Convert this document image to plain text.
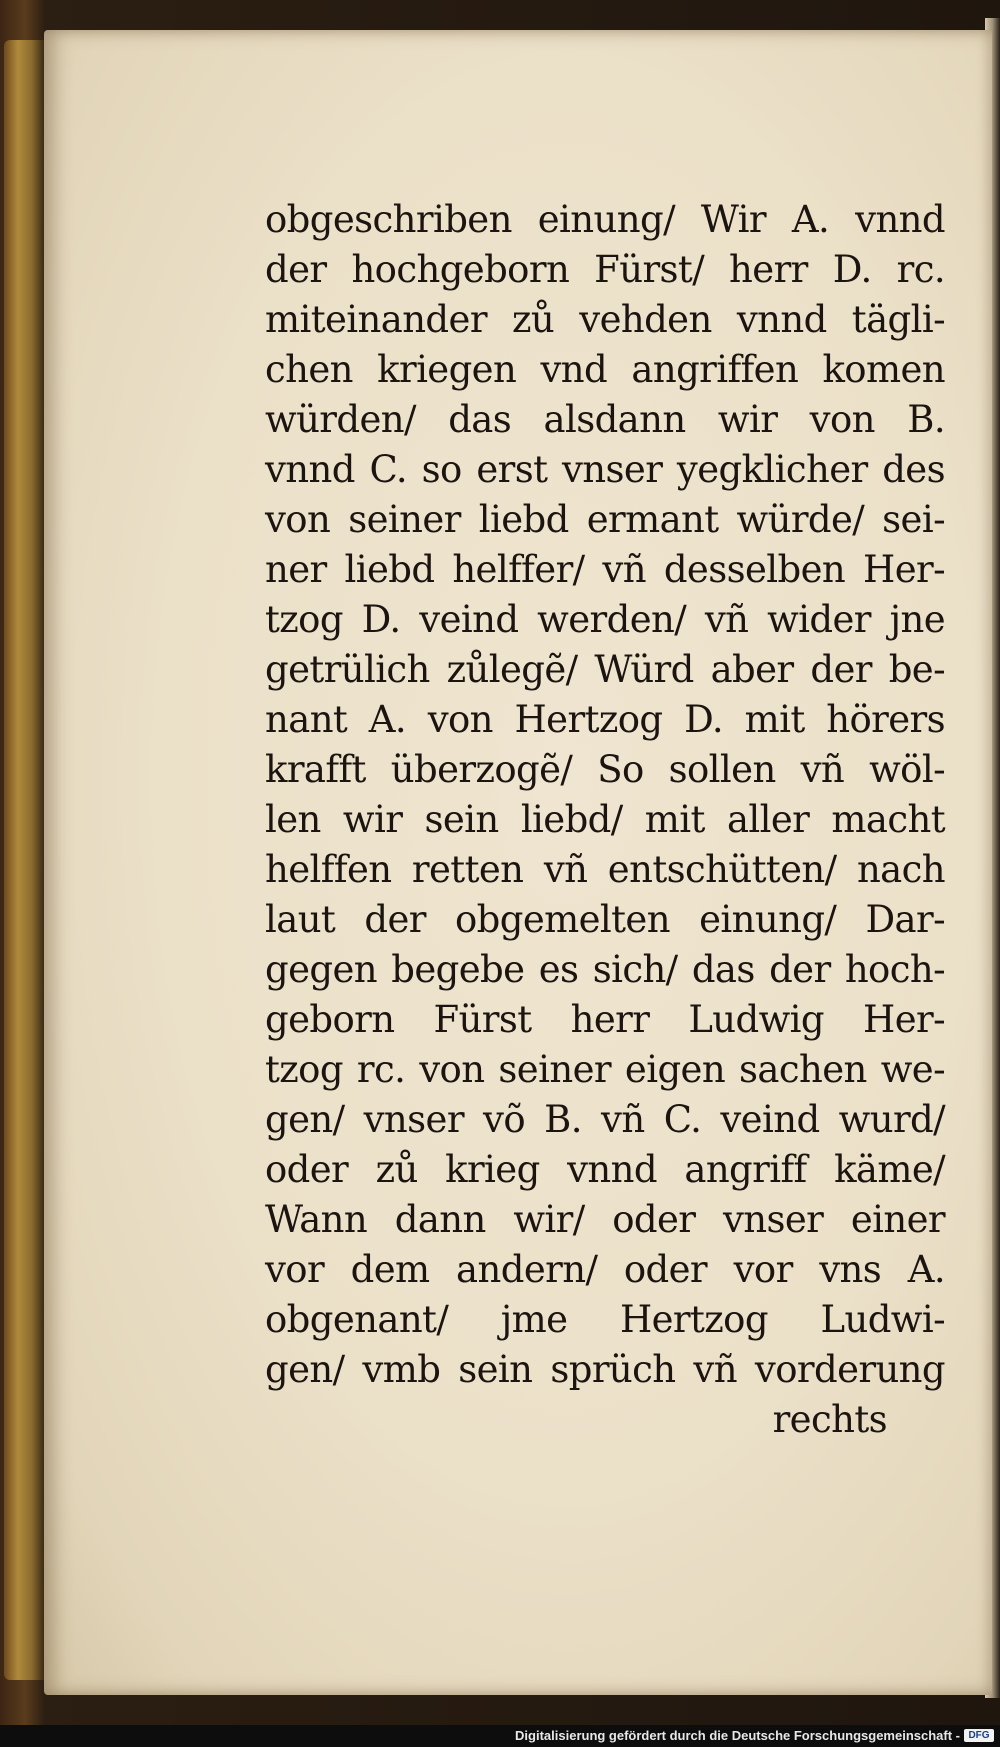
obgeschriben einung/ Wir A. vnnd
der hochgeborn Fürst/ herr D. rc.
miteinander zů vehden vnnd tägli-
chen kriegen vnd angriffen komen
würden/ das alsdann wir von B.
vnnd C. so erst vnser yegklicher des
von seiner liebd ermant würde/ sei-
ner liebd helffer/ vñ desselben Her-
tzog D. veind werden/ vñ wider jne
getrülich zůlegẽ/ Würd aber der be-
nant A. von Hertzog D. mit hörers
krafft überzogẽ/ So sollen vñ wöl-
len wir sein liebd/ mit aller macht
helffen retten vñ entschütten/ nach
laut der obgemelten einung/ Dar-
gegen begebe es sich/ das der hoch-
geborn Fürst herr Ludwig Her-
tzog rc. von seiner eigen sachen we-
gen/ vnser võ B. vñ C. veind wurd/
oder zů krieg vnnd angriff käme/
Wann dann wir/ oder vnser einer
vor dem andern/ oder vor vns A.
obgenant/ jme Hertzog Ludwi-
gen/ vmb sein sprüch vñ vorderung
rechts
Digitalisierung gefördert durch die Deutsche Forschungsgemeinschaft - DFG
